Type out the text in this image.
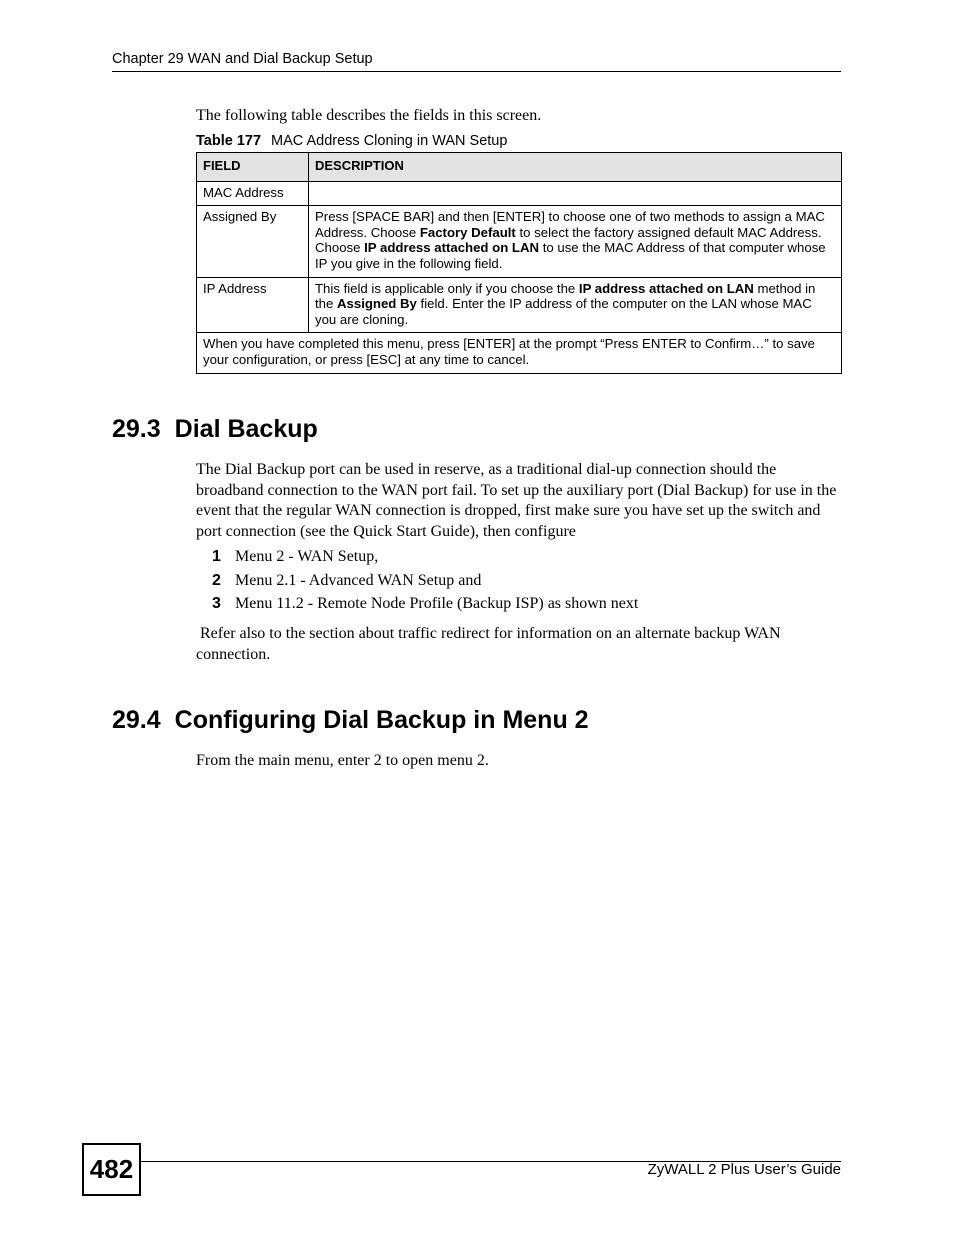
Chapter 29 WAN and Dial Backup Setup
The following table describes the fields in this screen.
Table 177 MAC Address Cloning in WAN Setup
FIELD	DESCRIPTION
MAC Address	
Assigned By	Press [SPACE BAR] and then [ENTER] to choose one of two methods to assign a MAC Address. Choose Factory Default to select the factory assigned default MAC Address. Choose IP address attached on LAN to use the MAC Address of that computer whose IP you give in the following field.
IP Address	This field is applicable only if you choose the IP address attached on LAN method in the Assigned By field. Enter the IP address of the computer on the LAN whose MAC you are cloning.
When you have completed this menu, press [ENTER] at the prompt “Press ENTER to Confirm…” to save your configuration, or press [ESC] at any time to cancel.	
29.3 Dial Backup
The Dial Backup port can be used in reserve, as a traditional dial-up connection should the broadband connection to the WAN port fail. To set up the auxiliary port (Dial Backup) for use in the event that the regular WAN connection is dropped, first make sure you have set up the switch and port connection (see the Quick Start Guide), then configure
1 Menu 2 - WAN Setup,
2 Menu 2.1 - Advanced WAN Setup and
3 Menu 11.2 - Remote Node Profile (Backup ISP) as shown next
Refer also to the section about traffic redirect for information on an alternate backup WAN connection.
29.4 Configuring Dial Backup in Menu 2
From the main menu, enter 2 to open menu 2.
482	ZyWALL 2 Plus User’s Guide
